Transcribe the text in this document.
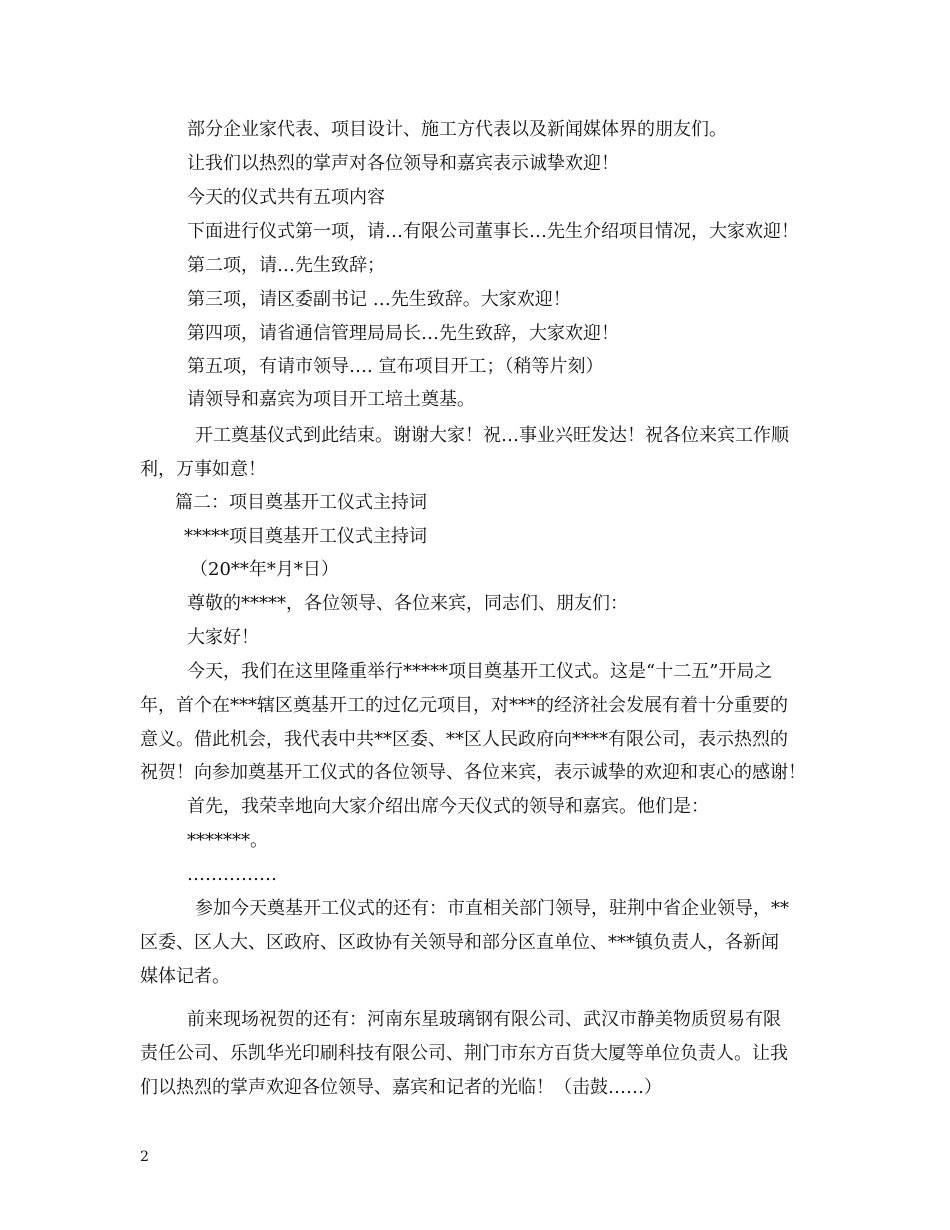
部分企业家代表、项目设计、施工方代表以及新闻媒体界的朋友们。
让我们以热烈的掌声对各位领导和嘉宾表示诚挚欢迎！
今天的仪式共有五项内容
下面进行仪式第一项，请…有限公司董事长…先生介绍项目情况，大家欢迎！
第二项，请…先生致辞；
第三项，请区委副书记 …先生致辞。大家欢迎！
第四项，请省通信管理局局长…先生致辞，大家欢迎！
第五项，有请市领导…. 宣布项目开工；（稍等片刻）
请领导和嘉宾为项目开工培土奠基。
开工奠基仪式到此结束。谢谢大家！祝…事业兴旺发达！祝各位来宾工作顺
利，万事如意！
篇二：项目奠基开工仪式主持词
*****项目奠基开工仪式主持词
（20**年*月*日）
尊敬的*****，各位领导、各位来宾，同志们、朋友们：
大家好！
今天，我们在这里隆重举行*****项目奠基开工仪式。这是“十二五”开局之
年，首个在***辖区奠基开工的过亿元项目，对***的经济社会发展有着十分重要的
意义。借此机会，我代表中共**区委、**区人民政府向****有限公司，表示热烈的
祝贺！向参加奠基开工仪式的各位领导、各位来宾，表示诚挚的欢迎和衷心的感谢！
首先，我荣幸地向大家介绍出席今天仪式的领导和嘉宾。他们是：
*******。
……………
参加今天奠基开工仪式的还有：市直相关部门领导，驻荆中省企业领导，**
区委、区人大、区政府、区政协有关领导和部分区直单位、***镇负责人，各新闻
媒体记者。
前来现场祝贺的还有：河南东星玻璃钢有限公司、武汉市静美物质贸易有限
责任公司、乐凯华光印刷科技有限公司、荆门市东方百货大厦等单位负责人。让我
们以热烈的掌声欢迎各位领导、嘉宾和记者的光临！（击鼓……）
2
